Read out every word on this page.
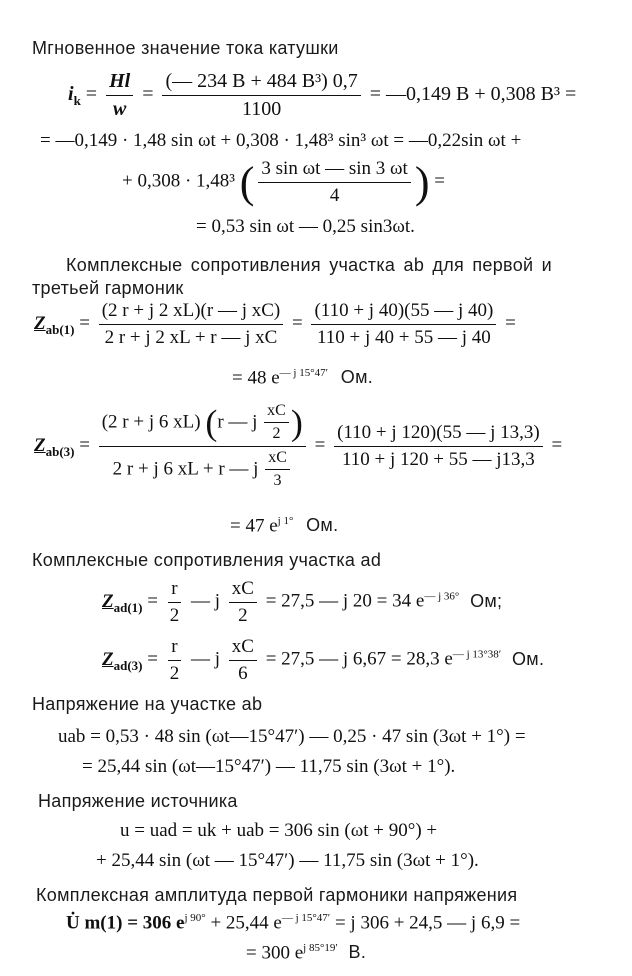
Мгновенное значение тока катушки
$i_k = \frac{Hl}{w} = \frac{\text{(— 234 B + 484 B³) 0,7}}{1100}$ = —0,149 B + 0,308 B³ =
= —0,149 · 1,48 sin ωt + 0,308 · 1,48³ sin³ ωt = —0,22sin ωt +
+ 0,308 · 1,48³ ( $\frac{\text{3 sin ωt — sin 3 ωt}}{4}$ ) =
= 0,53 sin ωt — 0,25 sin3ωt.
Комплексные сопротивления участка ab для первой и
третьей гармоник
$Z_{ab(1)} = \frac{\text{(2 r + j 2 xL)(r — j xC)}}{\text{2 r + j 2 xL + r — j xC}} = \frac{(110 + j 40)(55 — j 40)}{110 + j 40 + 55 — j 40}$ =
= 48 $e^{— j 15^\circ 47'}$ Ом.
$Z_{ab(3)}$ =
(2 r + j 6 xL) (r — j $\frac{xC}{2}$ )
2 r + j 6 xL + r — j $\frac{xC}{3}$
= $\frac{(110 + j 120)(55 — j 13,3)}{110 + j 120 + 55 — j13,3}$ =
= 47 $e^{j 1^\circ}$ Ом.
Комплексные сопротивления участка ad
$Z_{ad(1)} = \frac{r}{2}$ — j $\frac{xC}{2} = 27,5$ — j 20 = 34 $e^{— j 36^\circ}$ Ом;
$Z_{ad(3)} = \frac{r}{2}$ — j $\frac{xC}{6} = 27,5$ — j 6,67 = 28,3 $e^{— j 13^\circ 38'}$ Ом.
Напряжение на участке ab
uab = 0,53 · 48 sin (ωt—15°47′) — 0,25 · 47 sin (3ωt + 1°) =
= 25,44 sin (ωt—15°47′) — 11,75 sin (3ωt + 1°).
Напряжение источника
u = uad = uk + uab = 306 sin (ωt + 90°) +
+ 25,44 sin (ωt — 15°47′) — 11,75 sin (3ωt + 1°).
Комплексная амплитуда первой гармоники напряжения
U̇ m(1) = 306 $e^{j 90^\circ} + 25,44$ $e^{— j 15^\circ 47'} = j$ 306 + 24,5 — j 6,9 =
= 300 $e^{j 85^\circ 19'}$ В.
